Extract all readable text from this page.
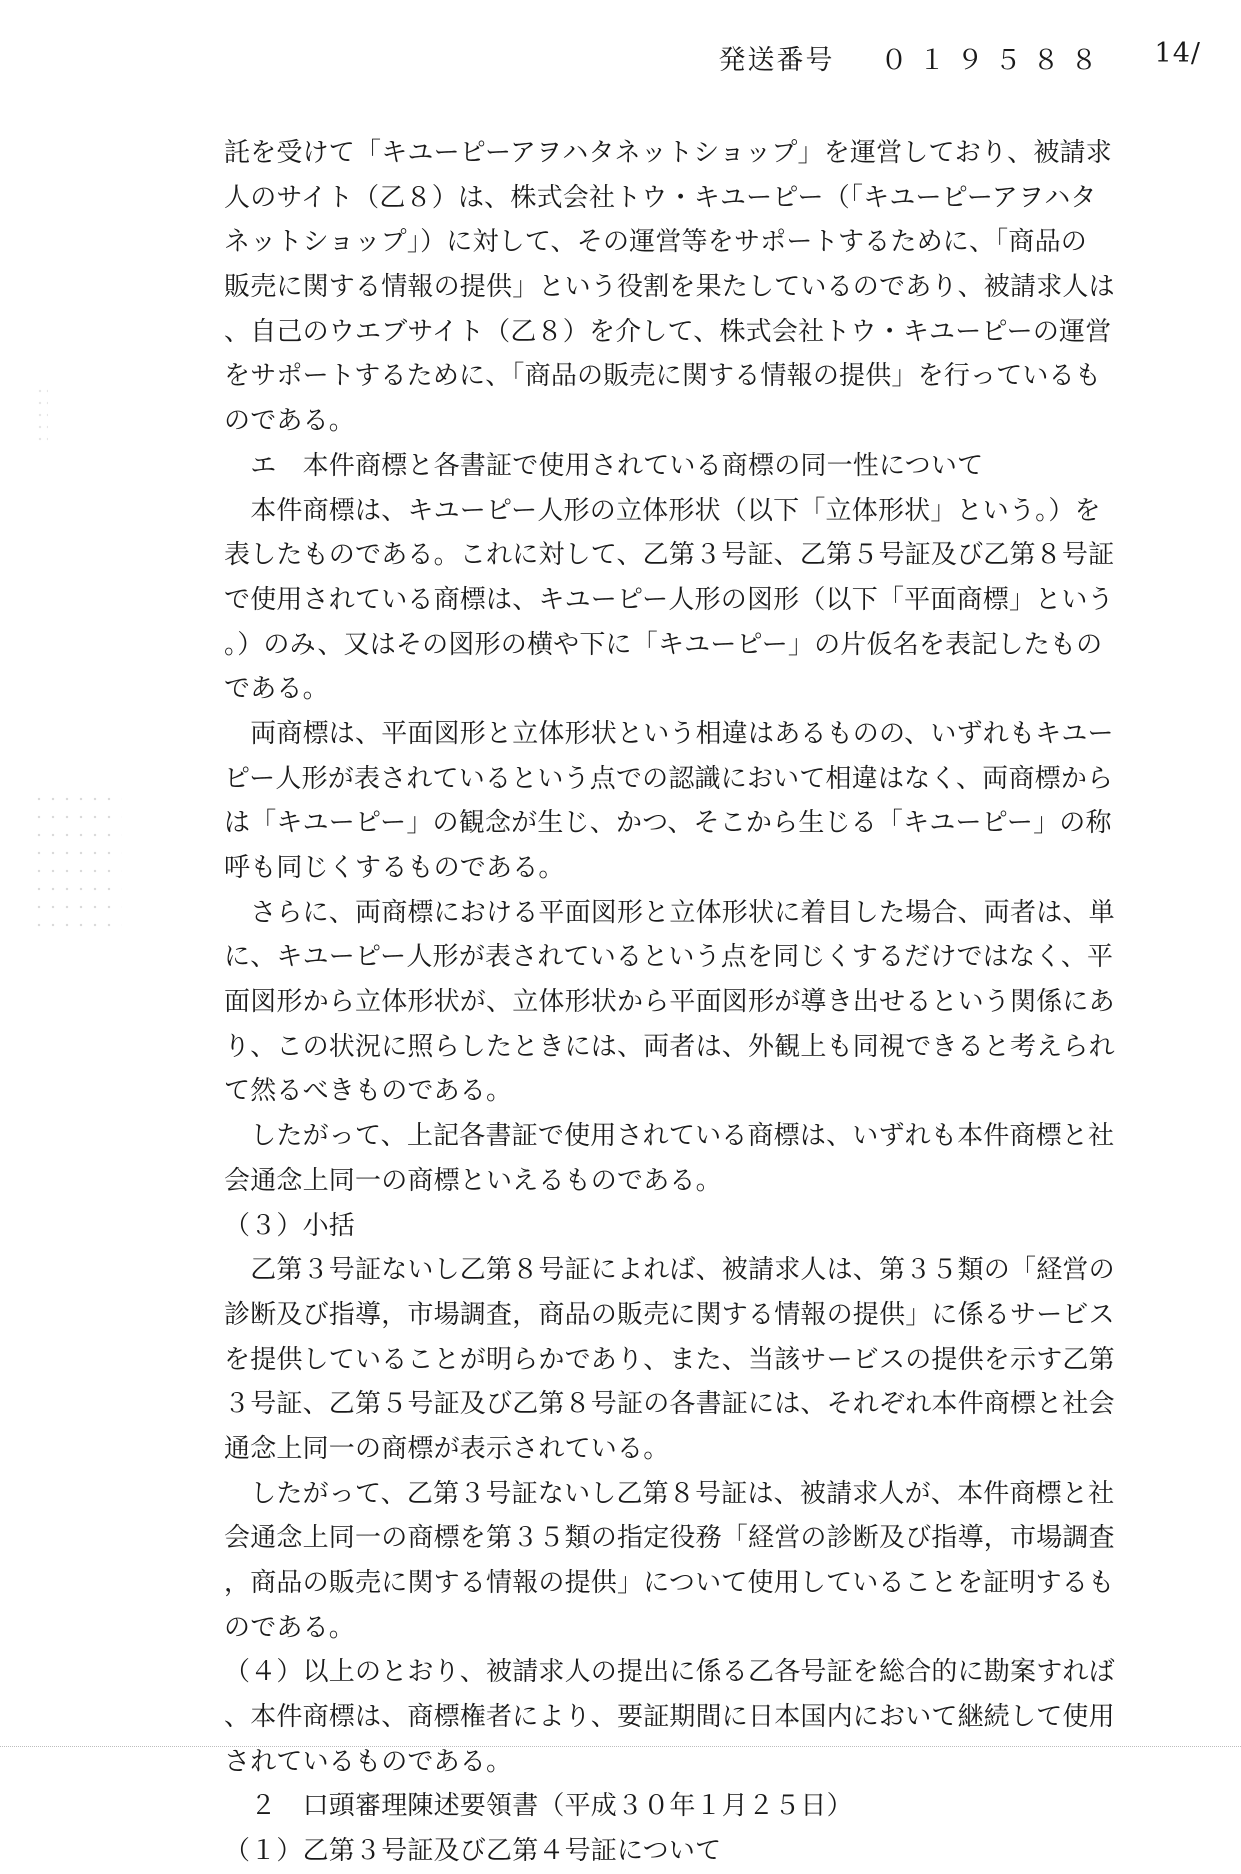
発送番号 ０１９５８８ 14/
託を受けて「キユーピーアヲハタネットショップ」を運営しており、被請求
人のサイト（乙８）は、株式会社トウ・キユーピー（「キユーピーアヲハタ
ネットショップ」）に対して、その運営等をサポートするために、「商品の
販売に関する情報の提供」という役割を果たしているのであり、被請求人は
、自己のウエブサイト（乙８）を介して、株式会社トウ・キユーピーの運営
をサポートするために、「商品の販売に関する情報の提供」を行っているも
のである。
　エ　本件商標と各書証で使用されている商標の同一性について
　本件商標は、キユーピー人形の立体形状（以下「立体形状」という。）を
表したものである。これに対して、乙第３号証、乙第５号証及び乙第８号証
で使用されている商標は、キユーピー人形の図形（以下「平面商標」という
。）のみ、又はその図形の横や下に「キユーピー」の片仮名を表記したもの
である。
　両商標は、平面図形と立体形状という相違はあるものの、いずれもキユー
ピー人形が表されているという点での認識において相違はなく、両商標から
は「キユーピー」の観念が生じ、かつ、そこから生じる「キユーピー」の称
呼も同じくするものである。
　さらに、両商標における平面図形と立体形状に着目した場合、両者は、単
に、キユーピー人形が表されているという点を同じくするだけではなく、平
面図形から立体形状が、立体形状から平面図形が導き出せるという関係にあ
り、この状況に照らしたときには、両者は、外観上も同視できると考えられ
て然るべきものである。
　したがって、上記各書証で使用されている商標は、いずれも本件商標と社
会通念上同一の商標といえるものである。
（３）小括
　乙第３号証ないし乙第８号証によれば、被請求人は、第３５類の「経営の
診断及び指導，市場調査，商品の販売に関する情報の提供」に係るサービス
を提供していることが明らかであり、また、当該サービスの提供を示す乙第
３号証、乙第５号証及び乙第８号証の各書証には、それぞれ本件商標と社会
通念上同一の商標が表示されている。
　したがって、乙第３号証ないし乙第８号証は、被請求人が、本件商標と社
会通念上同一の商標を第３５類の指定役務「経営の診断及び指導，市場調査
，商品の販売に関する情報の提供」について使用していることを証明するも
のである。
（４）以上のとおり、被請求人の提出に係る乙各号証を総合的に勘案すれば
、本件商標は、商標権者により、要証期間に日本国内において継続して使用
されているものである。
　２　口頭審理陳述要領書（平成３０年１月２５日）
（１）乙第３号証及び乙第４号証について
